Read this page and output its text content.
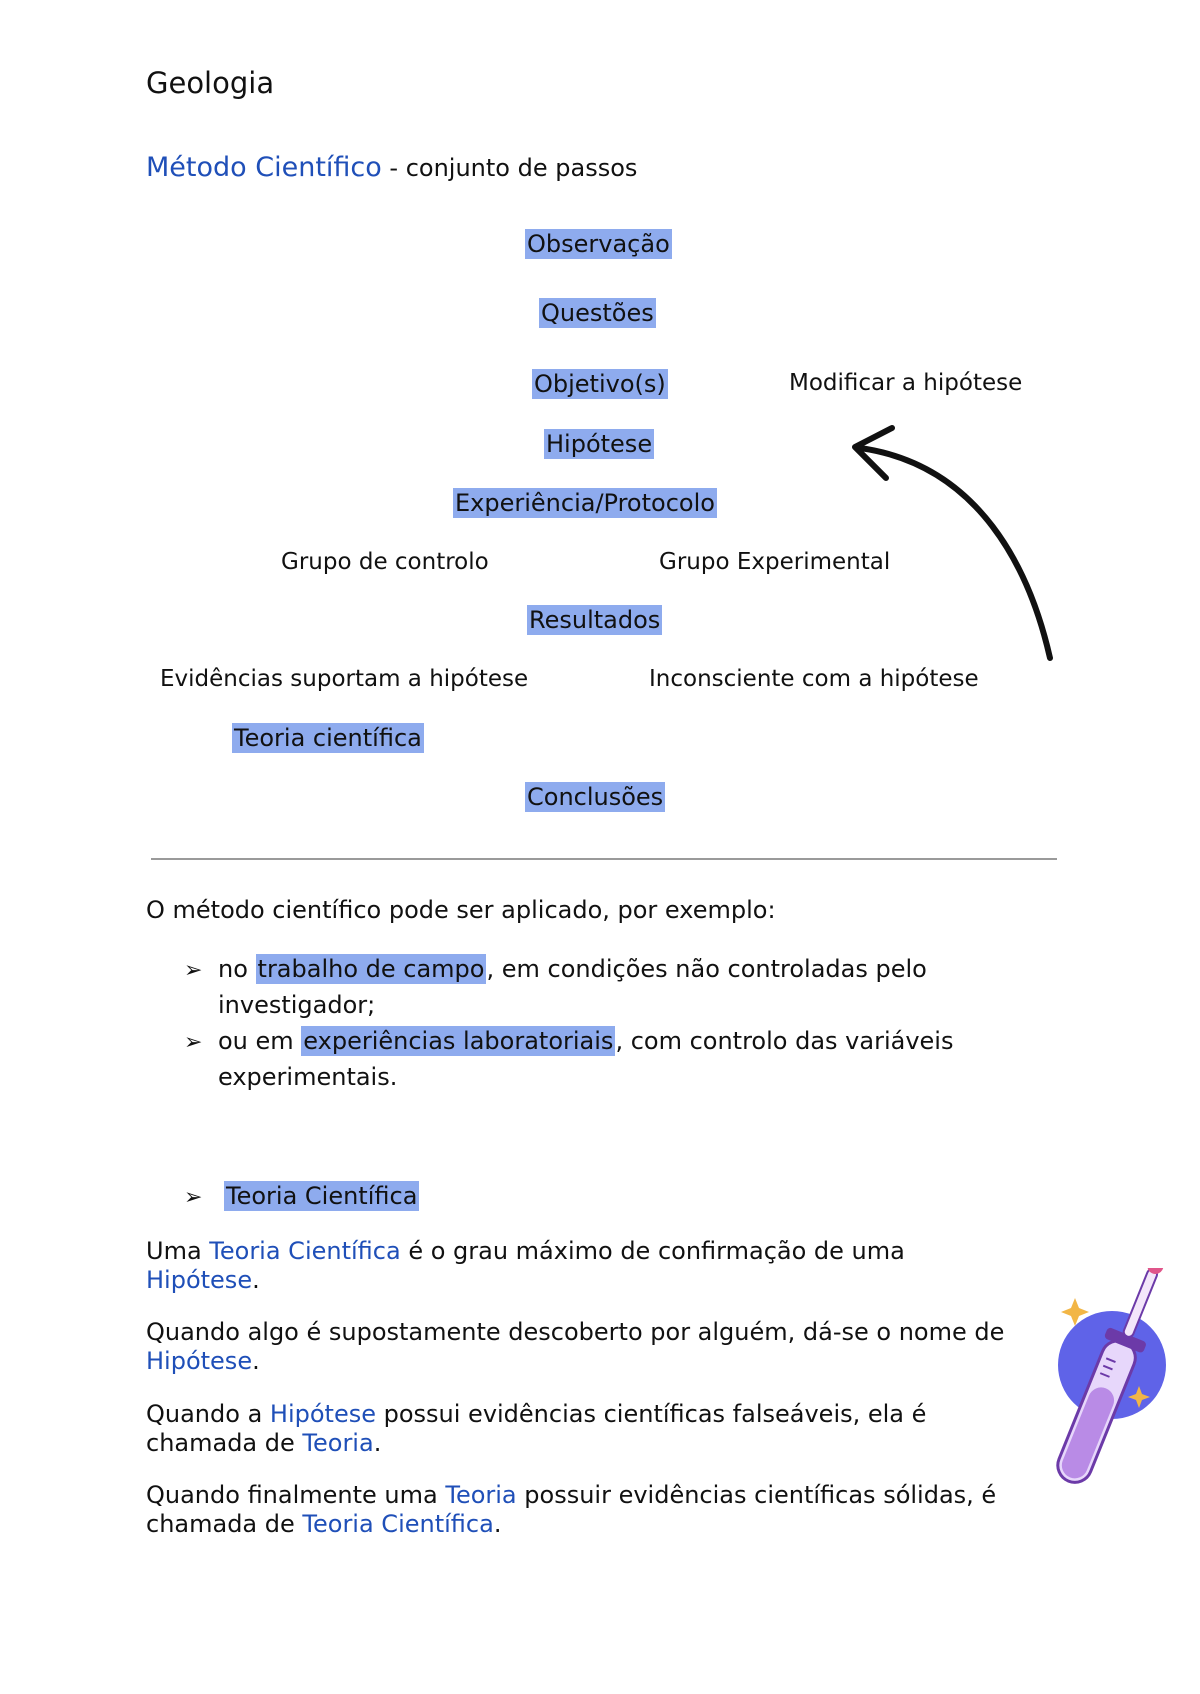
Geologia
Método Científico - conjunto de passos
Observação
Questões
Objetivo(s)	Modificar a hipótese
Hipótese
Experiência/Protocolo
Grupo de controlo	Grupo Experimental
Resultados
Evidências suportam a hipótese	Inconsciente com a hipótese
Teoria científica
Conclusões
O método científico pode ser aplicado, por exemplo:
➢ no trabalho de campo, em condições não controladas pelo investigador;
➢ ou em experiências laboratoriais, com controlo das variáveis experimentais.
➢ Teoria Científica
Uma Teoria Científica é o grau máximo de confirmação de uma Hipótese.
Quando algo é supostamente descoberto por alguém, dá-se o nome de Hipótese.
Quando a Hipótese possui evidências científicas falseáveis, ela é chamada de Teoria.
Quando finalmente uma Teoria possuir evidências científicas sólidas, é chamada de Teoria Científica.
